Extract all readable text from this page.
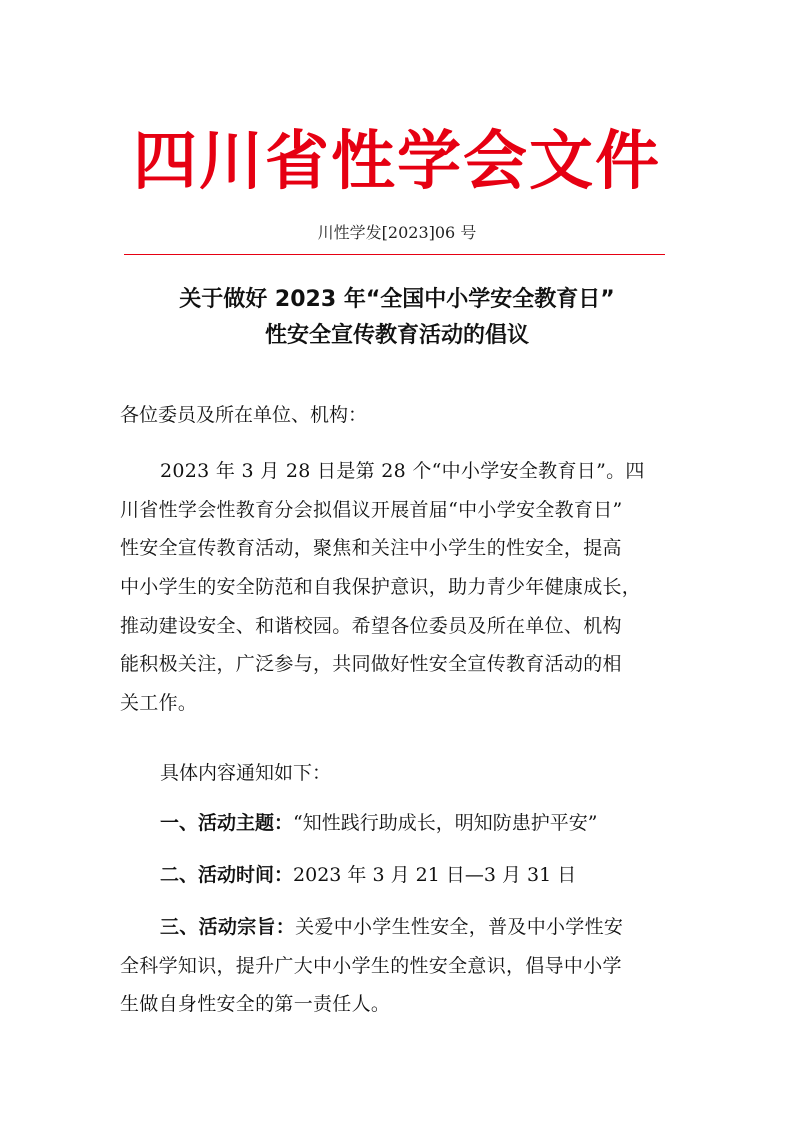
四川省性学会文件
川性学发[2023]06 号
关于做好 2023 年“全国中小学安全教育日”
性安全宣传教育活动的倡议
各位委员及所在单位、机构：
2023 年 3 月 28 日是第 28 个“中小学安全教育日”。四
川省性学会性教育分会拟倡议开展首届“中小学安全教育日”
性安全宣传教育活动，聚焦和关注中小学生的性安全，提高
中小学生的安全防范和自我保护意识，助力青少年健康成长，
推动建设安全、和谐校园。希望各位委员及所在单位、机构
能积极关注，广泛参与，共同做好性安全宣传教育活动的相
关工作。
具体内容通知如下：
一、活动主题：“知性践行助成长，明知防患护平安”
二、活动时间：2023 年 3 月 21 日—3 月 31 日
三、活动宗旨：关爱中小学生性安全，普及中小学性安
全科学知识，提升广大中小学生的性安全意识，倡导中小学
生做自身性安全的第一责任人。
